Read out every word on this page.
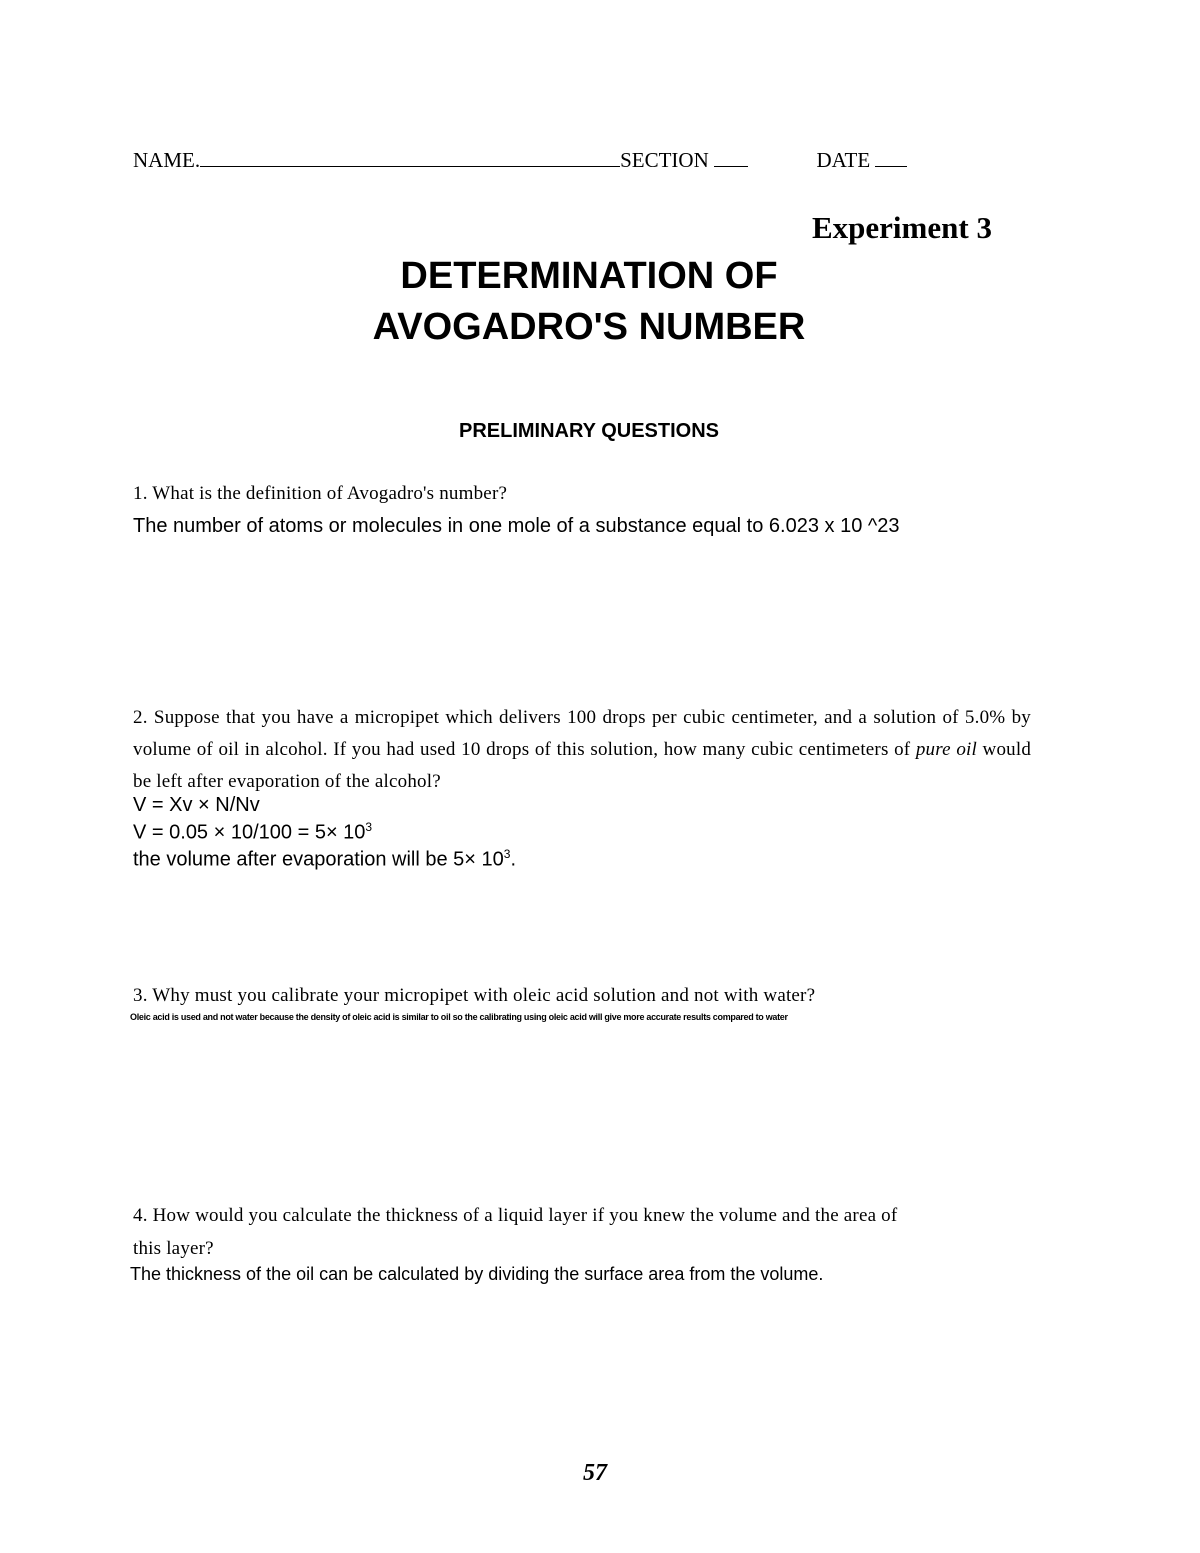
NAME.	SECTION	DATE
Experiment 3
DETERMINATION OF
AVOGADRO'S NUMBER
PRELIMINARY QUESTIONS
1. What is the definition of Avogadro's number?
The number of atoms or molecules in one mole of a substance equal to 6.023 x 10 ^23
2. Suppose that you have a micropipet which delivers 100 drops per cubic centimeter, and a solution of 5.0% by volume of oil in alcohol. If you had used 10 drops of this solution, how many cubic centimeters of pure oil would be left after evaporation of the alcohol?
V = Xv × N/Nv
$V = 0.05 \times 10/100 = 5\times 10^3$
the volume after evaporation will be $5\times 10^3$.
3. Why must you calibrate your micropipet with oleic acid solution and not with water?
Oleic acid is used and not water because the density of oleic acid is similar to oil so the calibrating using oleic acid will give more accurate results compared to water
4. How would you calculate the thickness of a liquid layer if you knew the volume and the area of
this layer?
The thickness of the oil can be calculated by dividing the surface area from the volume.
57
